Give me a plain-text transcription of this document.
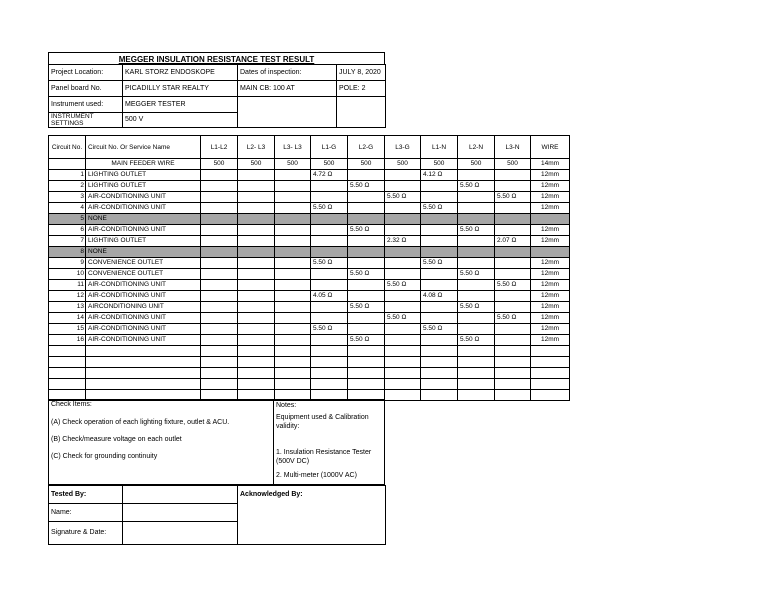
MEGGER INSULATION RESISTANCE TEST RESULT
Project Location:	KARL STORZ ENDOSKOPE	Dates of inspection:	JULY 8, 2020
Panel board No.	PICADILLY STAR REALTY	MAIN CB: 100 AT	POLE: 2
Instrument used:	MEGGER TESTER		
INSTRUMENT SETTINGS	500 V		
Circuit No.	Circuit No. Or Service Name	L1-L2	L2- L3	L3- L3	L1-G	L2-G	L3-G	L1-N	L2-N	L3-N	WIRE
	MAIN FEEDER WIRE	500	500	500	500	500	500	500	500	500	14mm
1	LIGHTING OUTLET				4.72 Ω			4.12 Ω			12mm
2	LIGHTING OUTLET					5.50 Ω			5.50 Ω		12mm
3	AIR-CONDITIONING UNIT						5.50 Ω			5.50 Ω	12mm
4	AIR-CONDITIONING UNIT				5.50 Ω			5.50 Ω			12mm
5	NONE										
6	AIR-CONDITIONING UNIT					5.50 Ω			5.50 Ω		12mm
7	LIGHTING OUTLET						2.32 Ω			2.07 Ω	12mm
8	NONE										
9	CONVENIENCE OUTLET				5.50 Ω			5.50 Ω			12mm
10	CONVENIENCE OUTLET					5.50 Ω			5.50 Ω		12mm
11	AIR-CONDITIONING UNIT						5.50 Ω			5.50 Ω	12mm
12	AIR-CONDITIONING UNIT				4.05 Ω			4.08 Ω			12mm
13	AIRCONDITIONING UNIT					5.50 Ω			5.50 Ω		12mm
14	AIR-CONDITIONING UNIT						5.50 Ω			5.50 Ω	12mm
15	AIR-CONDITIONING UNIT				5.50 Ω			5.50 Ω			12mm
16	AIR-CONDITIONING UNIT					5.50 Ω			5.50 Ω		12mm

Check Items:
(A) Check operation of each lighting fixture, outlet & ACU.
(B) Check/measure voltage on each outlet
(C) Check for grounding continuity
Notes:
Equipment used & Calibration validity:
1. Insulation Resistance Tester (500V DC)
2. Multi-meter (1000V AC)
Tested By:		Acknowledged By:
Name:		
Signature & Date:		
